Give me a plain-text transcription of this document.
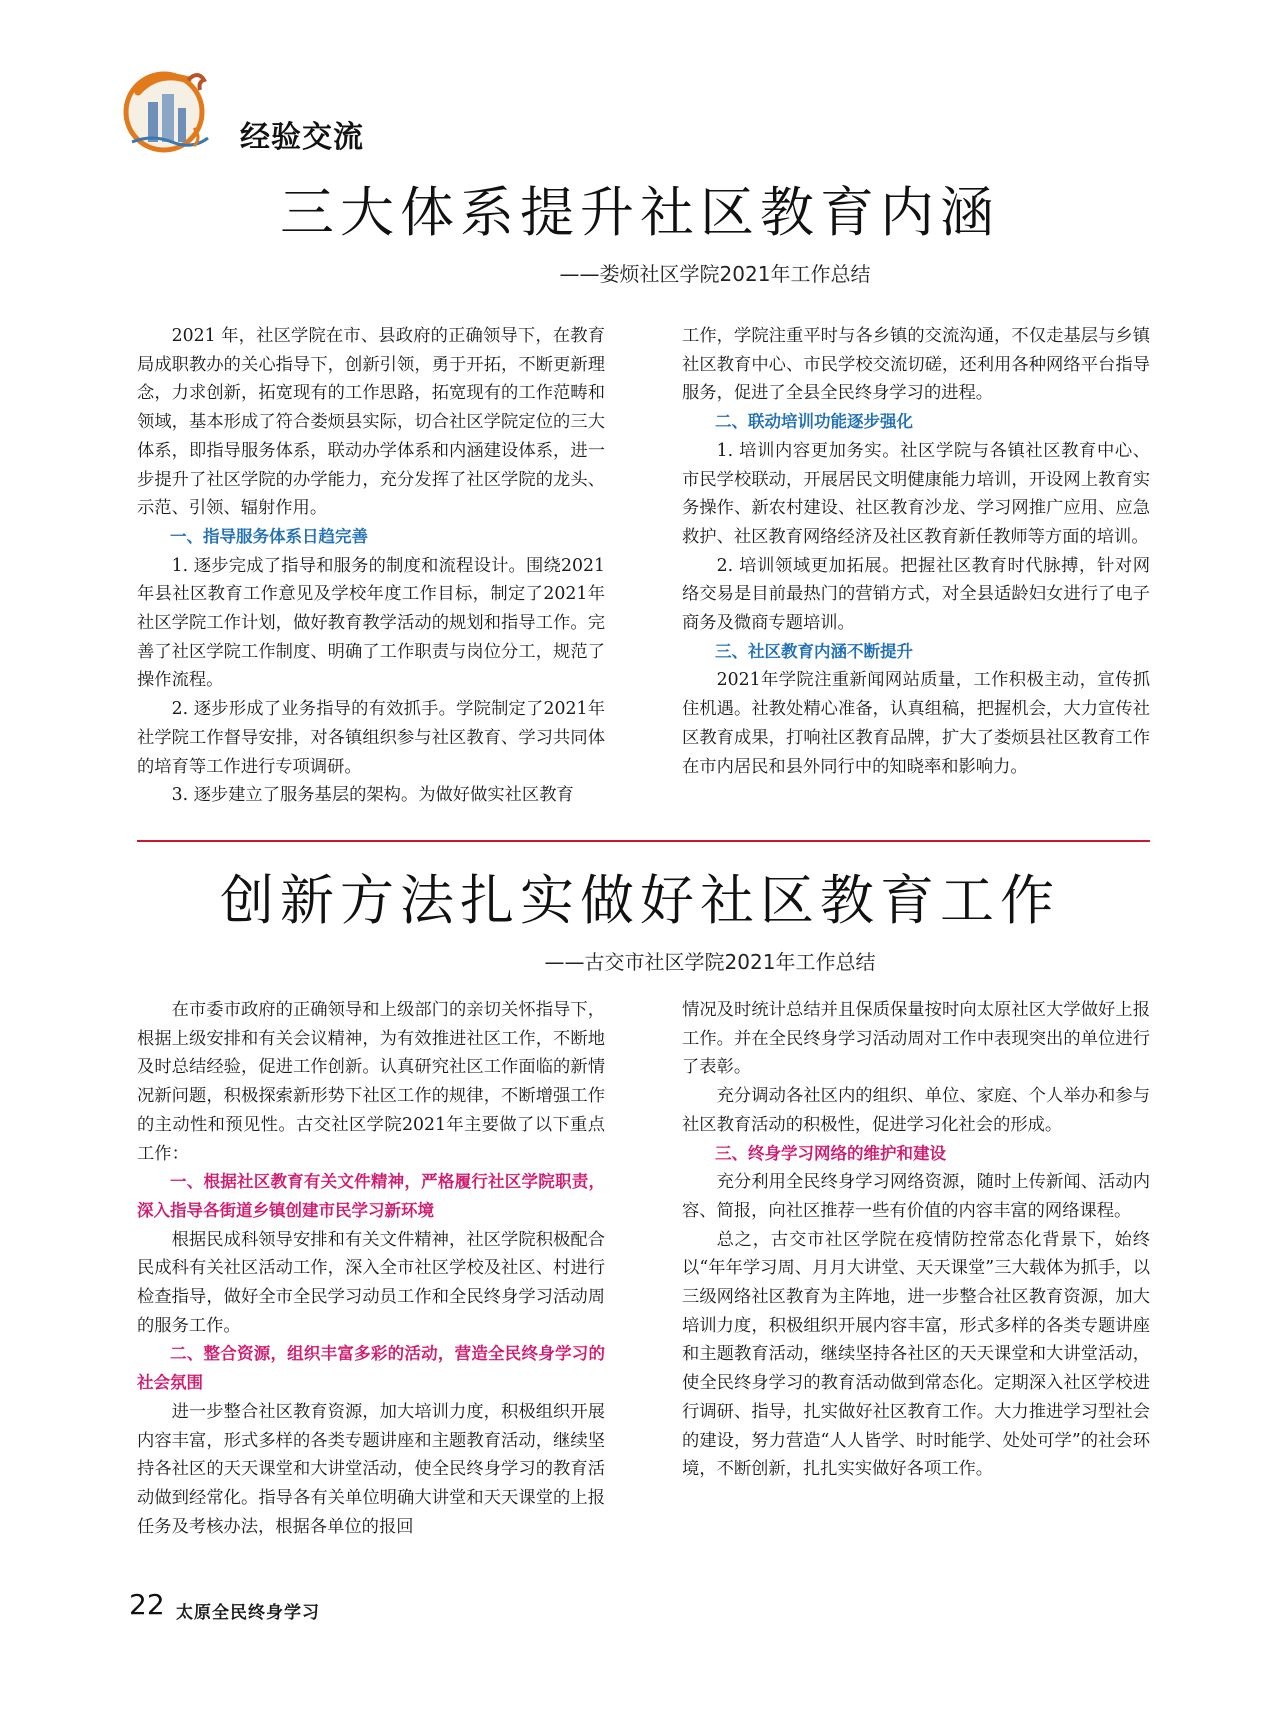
经验交流
三大体系提升社区教育内涵
——娄烦社区学院2021年工作总结

2021 年，社区学院在市、县政府的正确领导下，在教育局成职教办的关心指导下，创新引领，勇于开拓，不断更新理念，力求创新，拓宽现有的工作思路，拓宽现有的工作范畴和领域，基本形成了符合娄烦县实际，切合社区学院定位的三大体系，即指导服务体系，联动办学体系和内涵建设体系，进一步提升了社区学院的办学能力，充分发挥了社区学院的龙头、示范、引领、辐射作用。

一、指导服务体系日趋完善

1. 逐步完成了指导和服务的制度和流程设计。围绕2021年县社区教育工作意见及学校年度工作目标，制定了2021年社区学院工作计划，做好教育教学活动的规划和指导工作。完善了社区学院工作制度、明确了工作职责与岗位分工，规范了操作流程。

2. 逐步形成了业务指导的有效抓手。学院制定了2021年社学院工作督导安排，对各镇组织参与社区教育、学习共同体的培育等工作进行专项调研。

3. 逐步建立了服务基层的架构。为做好做实社区教育

工作，学院注重平时与各乡镇的交流沟通，不仅走基层与乡镇社区教育中心、市民学校交流切磋，还利用各种网络平台指导服务，促进了全县全民终身学习的进程。

二、联动培训功能逐步强化

1. 培训内容更加务实。社区学院与各镇社区教育中心、市民学校联动，开展居民文明健康能力培训，开设网上教育实务操作、新农村建设、社区教育沙龙、学习网推广应用、应急救护、社区教育网络经济及社区教育新任教师等方面的培训。

2. 培训领域更加拓展。把握社区教育时代脉搏，针对网络交易是目前最热门的营销方式，对全县适龄妇女进行了电子商务及微商专题培训。

三、社区教育内涵不断提升

2021年学院注重新闻网站质量，工作积极主动，宣传抓住机遇。社教处精心准备，认真组稿，把握机会，大力宣传社区教育成果，打响社区教育品牌，扩大了娄烦县社区教育工作在市内居民和县外同行中的知晓率和影响力。

创新方法扎实做好社区教育工作
——古交市社区学院2021年工作总结

在市委市政府的正确领导和上级部门的亲切关怀指导下，根据上级安排和有关会议精神，为有效推进社区工作，不断地及时总结经验，促进工作创新。认真研究社区工作面临的新情况新问题，积极探索新形势下社区工作的规律，不断增强工作的主动性和预见性。古交社区学院2021年主要做了以下重点工作：

一、根据社区教育有关文件精神，严格履行社区学院职责，深入指导各街道乡镇创建市民学习新环境

根据民成科领导安排和有关文件精神，社区学院积极配合民成科有关社区活动工作，深入全市社区学校及社区、村进行检查指导，做好全市全民学习动员工作和全民终身学习活动周的服务工作。

二、整合资源，组织丰富多彩的活动，营造全民终身学习的社会氛围

进一步整合社区教育资源，加大培训力度，积极组织开展内容丰富，形式多样的各类专题讲座和主题教育活动，继续坚持各社区的天天课堂和大讲堂活动，使全民终身学习的教育活动做到经常化。指导各有关单位明确大讲堂和天天课堂的上报任务及考核办法，根据各单位的报回

情况及时统计总结并且保质保量按时向太原社区大学做好上报工作。并在全民终身学习活动周对工作中表现突出的单位进行了表彰。

充分调动各社区内的组织、单位、家庭、个人举办和参与社区教育活动的积极性，促进学习化社会的形成。

三、终身学习网络的维护和建设

充分利用全民终身学习网络资源，随时上传新闻、活动内容、简报，向社区推荐一些有价值的内容丰富的网络课程。

总之，古交市社区学院在疫情防控常态化背景下，始终以“年年学习周、月月大讲堂、天天课堂”三大载体为抓手，以三级网络社区教育为主阵地，进一步整合社区教育资源，加大培训力度，积极组织开展内容丰富，形式多样的各类专题讲座和主题教育活动，继续坚持各社区的天天课堂和大讲堂活动，使全民终身学习的教育活动做到常态化。定期深入社区学校进行调研、指导，扎实做好社区教育工作。大力推进学习型社会的建设，努力营造“人人皆学、时时能学、处处可学”的社会环境，不断创新，扎扎实实做好各项工作。

22 太原全民终身学习
